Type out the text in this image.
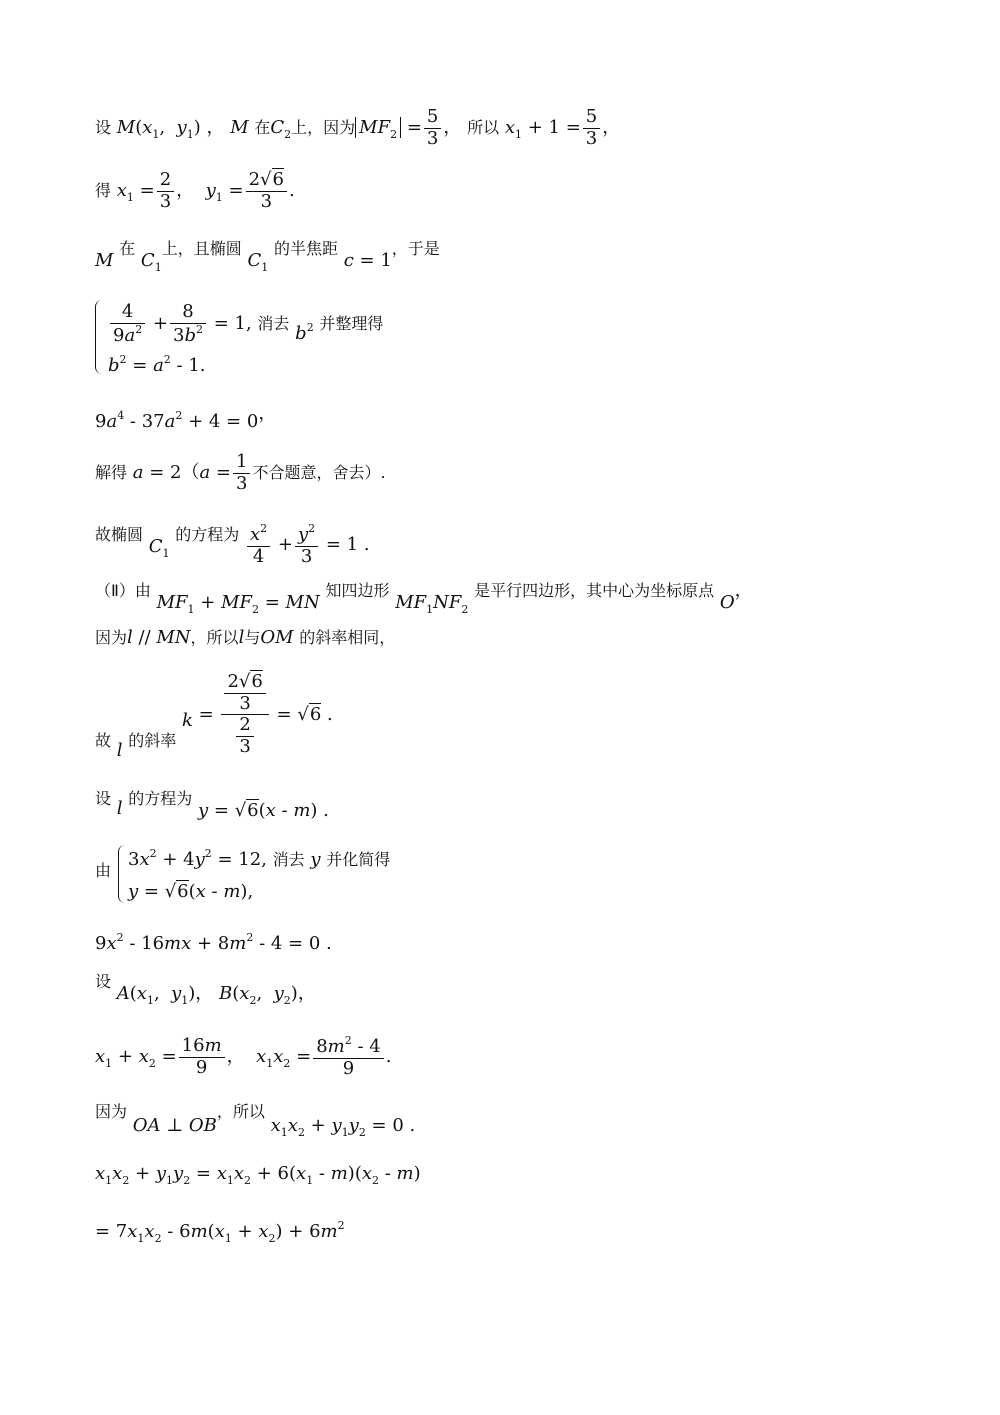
设 $M(x_1$,  $y_1$) ， M 在$C_2$上，因为 $MF_2 = \frac{5}{3}$ ， 所以 $x_1 + 1 = \frac{5}{3}$ ，
得 $x_1 = \frac{2}{3}$ ，  $y_1 = \frac{2√6}{3}$ .
M 在 $C_1$上，且椭圆 $C_1$ 的半焦距 c = 1，于是
$\frac{4}{9a^2} + \frac{8}{3b^2} = 1$, 消去 $b^2$ 并整理得
$b^2 = a^2 - 1$.
$9a^4 - 37a^2 + 4 = 0$，
解得 $a = 2(a = \frac{1}{3}$ 不合题意，舍去）.
故椭圆 $C_1$ 的方程为 $\frac{x^2}{4} + \frac{y^2}{3} = 1$ .
（Ⅱ）由 $MF_1 + MF_2$ = MN 知四边形 $MF_1NF_2$ 是平行四边形，其中心为坐标原点 O，
因为l // MN，所以l与OM 的斜率相同，
故 l 的斜率 $k = \frac{\frac{2√6}{3}}{\frac{2}{3}} = √6$ .
设 l 的方程为 y = √6(x - m) .
由
$3x^2 + 4y^2 = 12$, 消去 y 并化简得
y = √6(x - m),
$9x^2 - 16mx + 8m^2 - 4 = 0$ .
设 $A(x_1$,  $y_1$)， $B(x_2$,  $y_2$)，
$x_1 + x_2 = \frac{16m}{9}$ ，  $x_1x_2 = \frac{8m^2 - 4}{9}$ .
因为 OA ⊥ OB，所以 $x_1x_2 + y_1y_2 = 0$ .
$x_1x_2 + y_1y_2 = x_1x_2 + 6(x_1 - m)(x_2 - m)$
= $7x_1x_2 - 6m(x_1 + x_2) + 6m^2$
